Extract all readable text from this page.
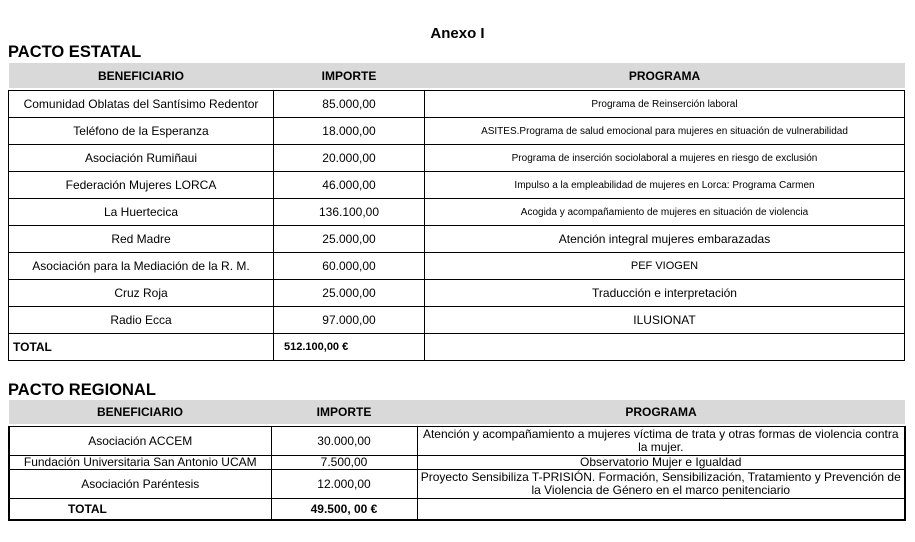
Anexo I
PACTO ESTATAL
BENEFICIARIO	IMPORTE	PROGRAMA

Comunidad Oblatas del Santísimo Redentor	85.000,00	Programa de Reinserción laboral
Teléfono de la Esperanza	18.000,00	ASITES.Programa de salud emocional para mujeres en situación de vulnerabilidad
Asociación Rumiñaui	20.000,00	Programa de inserción sociolaboral a mujeres en riesgo de exclusión
Federación Mujeres LORCA	46.000,00	Impulso a la empleabilidad de mujeres en Lorca: Programa Carmen
La Huertecica	136.100,00	Acogida y acompañamiento de mujeres en situación de violencia
Red Madre	25.000,00	Atención integral mujeres embarazadas
Asociación para la Mediación de la R. M.	60.000,00	PEF VIOGEN
Cruz Roja	25.000,00	Traducción e interpretación
Radio Ecca	97.000,00	ILUSIONAT
TOTAL	512.100,00 €	
PACTO REGIONAL
BENEFICIARIO	IMPORTE	PROGRAMA

Asociación ACCEM	30.000,00	Atención y acompañamiento a mujeres víctima de trata y otras formas de violencia contra la mujer.
Fundación Universitaria San Antonio UCAM	7.500,00	Observatorio Mujer e Igualdad
Asociación Paréntesis	12.000,00	Proyecto Sensibiliza T-PRISIÓN. Formación, Sensibilización, Tratamiento y Prevención de la Violencia de Género en el marco penitenciario
TOTAL	49.500, 00 €	
